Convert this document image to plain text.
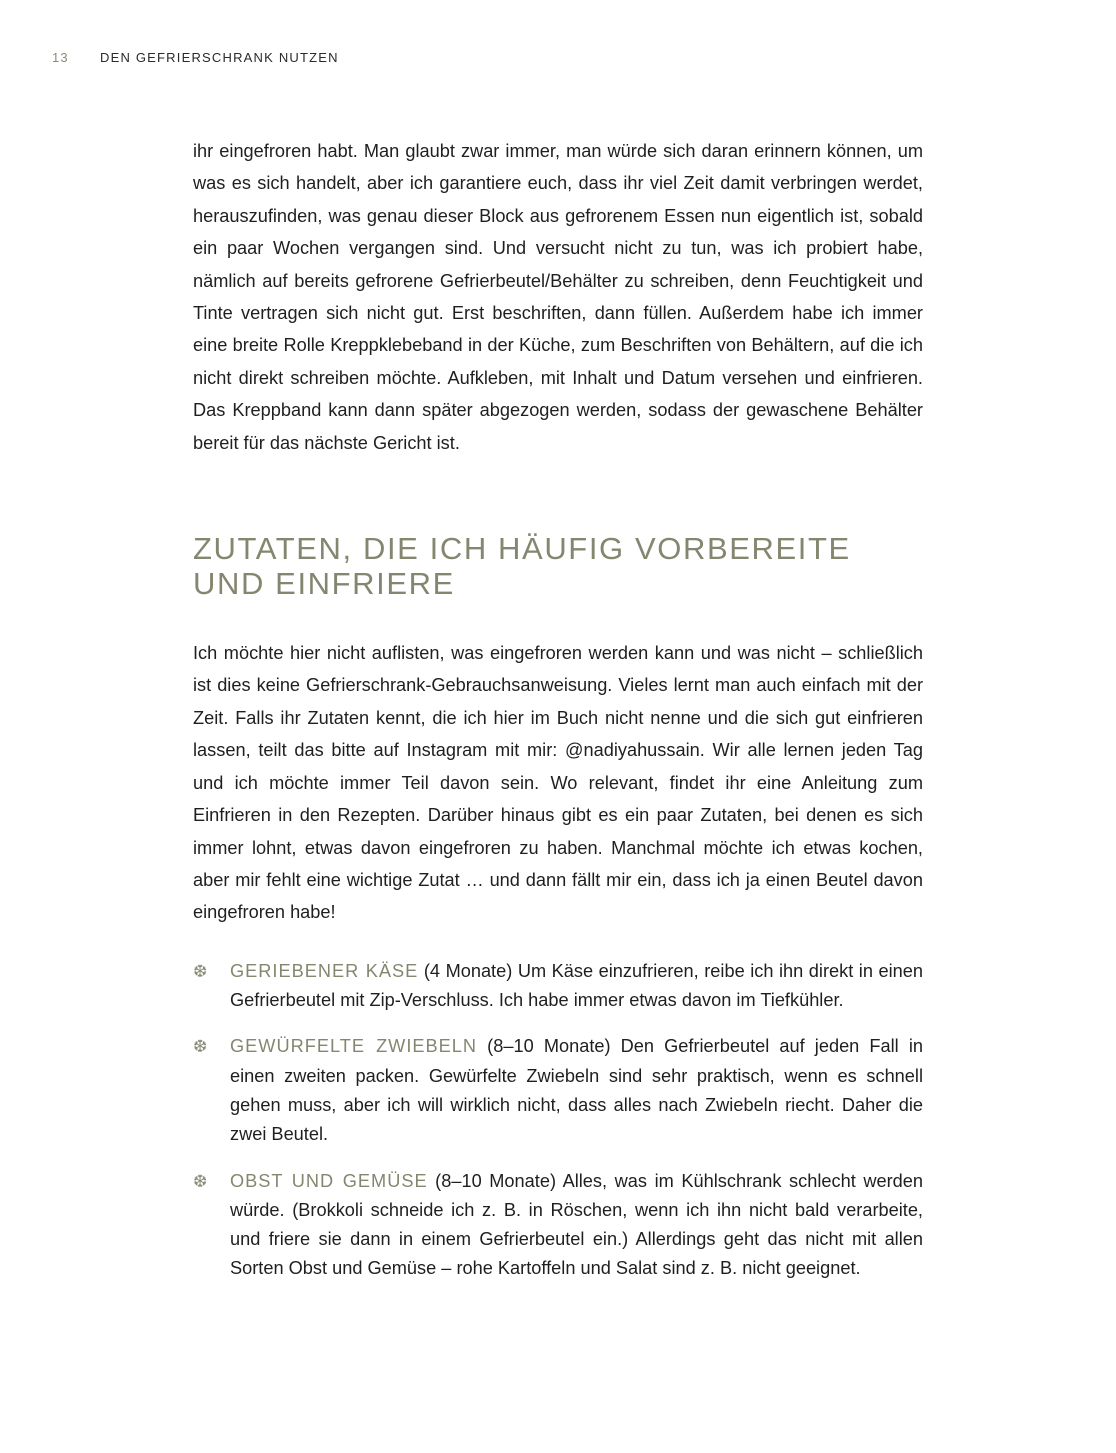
13	DEN GEFRIERSCHRANK NUTZEN

ihr eingefroren habt. Man glaubt zwar immer, man würde sich daran erinnern können, um was es sich handelt, aber ich garantiere euch, dass ihr viel Zeit damit verbringen werdet, herauszufinden, was genau dieser Block aus gefrorenem Essen nun eigentlich ist, sobald ein paar Wochen vergangen sind. Und versucht nicht zu tun, was ich probiert habe, nämlich auf bereits gefrorene Gefrierbeutel/​Behälter zu schreiben, denn Feuchtigkeit und Tinte vertragen sich nicht gut. Erst beschriften, dann füllen. Außerdem habe ich immer eine breite Rolle Kreppklebeband in der Küche, zum Beschriften von Behältern, auf die ich nicht direkt schreiben möchte. Aufkleben, mit Inhalt und Datum versehen und einfrieren. Das Kreppband kann dann später abgezogen werden, sodass der gewaschene Behälter bereit für das nächste Gericht ist.

ZUTATEN, DIE ICH HÄUFIG VORBEREITE
UND EINFRIERE

Ich möchte hier nicht auflisten, was eingefroren werden kann und was nicht – schließlich ist dies keine Gefrierschrank-Gebrauchsanweisung. Vieles lernt man auch einfach mit der Zeit. Falls ihr Zutaten kennt, die ich hier im Buch nicht nenne und die sich gut einfrieren lassen, teilt das bitte auf Instagram mit mir: @nadiyahussain. Wir alle lernen jeden Tag und ich möchte immer Teil davon sein. Wo relevant, findet ihr eine Anleitung zum Einfrieren in den Rezepten. Darüber hinaus gibt es ein paar Zutaten, bei denen es sich immer lohnt, etwas davon eingefroren zu haben. Manchmal möchte ich etwas kochen, aber mir fehlt eine wichtige Zutat … und dann fällt mir ein, dass ich ja einen Beutel davon eingefroren habe!

❆ GERIEBENER KÄSE (4 Monate) Um Käse einzufrieren, reibe ich ihn direkt in einen Gefrierbeutel mit Zip-Verschluss. Ich habe immer etwas davon im Tiefkühler.
❆ GEWÜRFELTE ZWIEBELN (8–10 Monate) Den Gefrierbeutel auf jeden Fall in einen zweiten packen. Gewürfelte Zwiebeln sind sehr praktisch, wenn es schnell gehen muss, aber ich will wirklich nicht, dass alles nach Zwiebeln riecht. Daher die zwei Beutel.
❆ OBST UND GEMÜSE (8–10 Monate) Alles, was im Kühlschrank schlecht werden würde. (Brokkoli schneide ich z. B. in Röschen, wenn ich ihn nicht bald verarbeite, und friere sie dann in einem Gefrierbeutel ein.) Allerdings geht das nicht mit allen Sorten Obst und Gemüse – rohe Kartoffeln und Salat sind z. B. nicht geeignet.
